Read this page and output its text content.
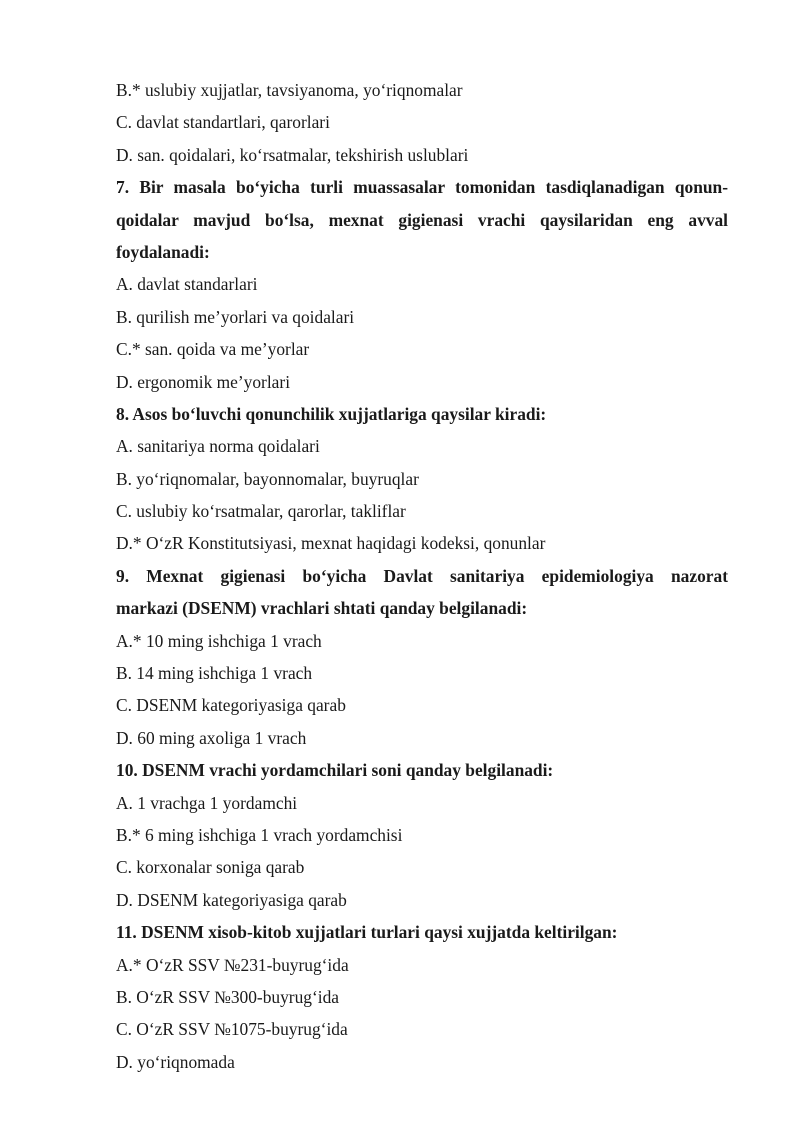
B.* uslubiy xujjatlar, tavsiyanoma, yo‘riqnomalar
C. davlat standartlari, qarorlari
D. san. qoidalari, ko‘rsatmalar, tekshirish uslublari
7. Bir masala bo‘yicha turli muassasalar tomonidan tasdiqlanadigan qonun-
qoidalar mavjud bo‘lsa, mexnat gigienasi vrachi qaysilaridan eng avval
foydalanadi:
A. davlat standarlari
B. qurilish me’yorlari va qoidalari
C.* san. qoida va me’yorlar
D. ergonomik me’yorlari
8. Asos bo‘luvchi qonunchilik xujjatlariga qaysilar kiradi:
A. sanitariya norma qoidalari
B. yo‘riqnomalar, bayonnomalar, buyruqlar
C. uslubiy ko‘rsatmalar, qarorlar, takliflar
D.* O‘zR Konstitutsiyasi, mexnat haqidagi kodeksi, qonunlar
9. Mexnat gigienasi bo‘yicha Davlat sanitariya epidemiologiya nazorat
markazi (DSENM) vrachlari shtati qanday belgilanadi:
A.* 10 ming ishchiga 1 vrach
B. 14 ming ishchiga 1 vrach
C. DSENM kategoriyasiga qarab
D. 60 ming axoliga 1 vrach
10. DSENM vrachi yordamchilari soni qanday belgilanadi:
A. 1 vrachga 1 yordamchi
B.* 6 ming ishchiga 1 vrach yordamchisi
C. korxonalar soniga qarab
D. DSENM kategoriyasiga qarab
11. DSENM xisob-kitob xujjatlari turlari qaysi xujjatda keltirilgan:
A.* O‘zR SSV №231-buyrug‘ida
B. O‘zR SSV №300-buyrug‘ida
C. O‘zR SSV №1075-buyrug‘ida
D. yo‘riqnomada
